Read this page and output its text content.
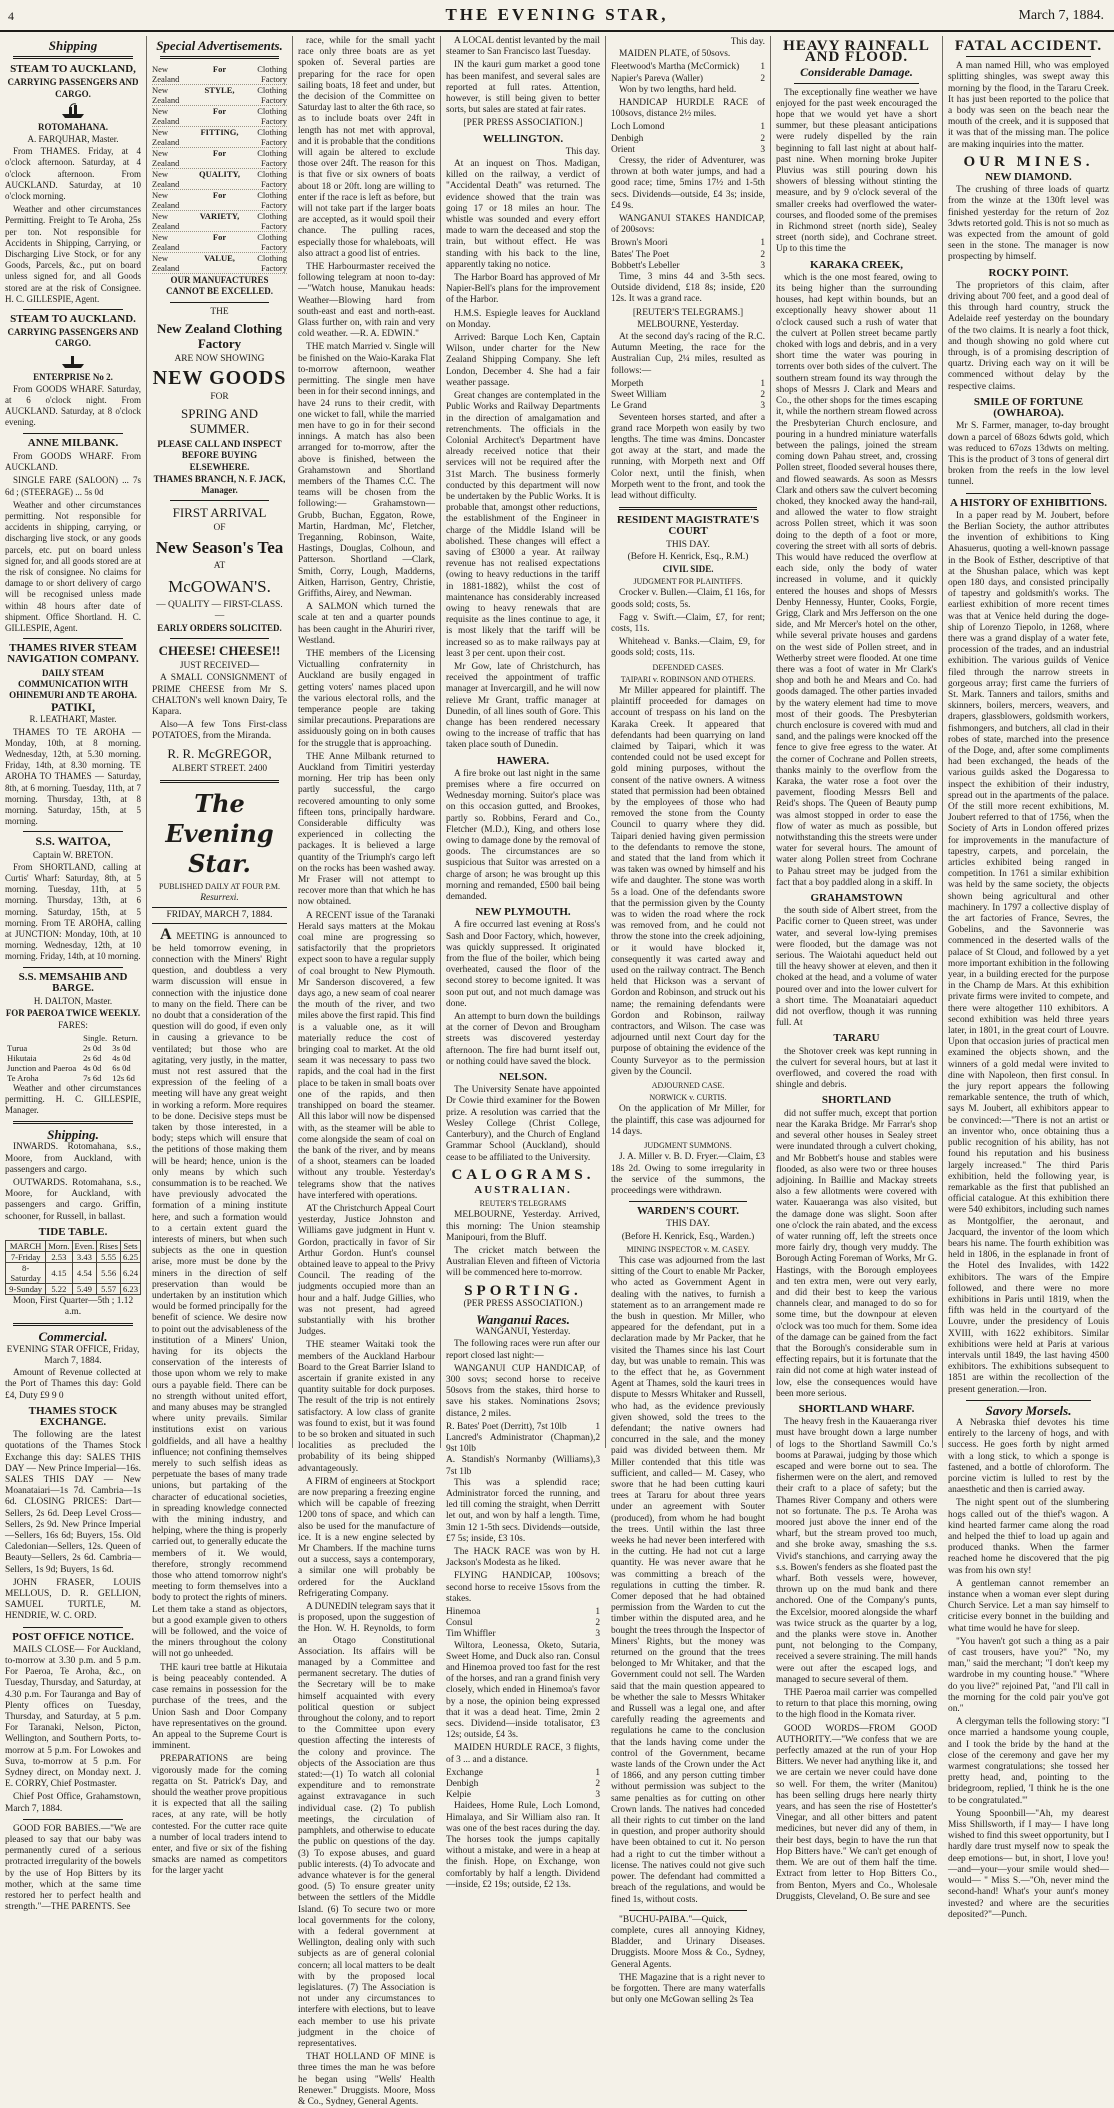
4	THE EVENING STAR,	March 7, 1884.
Shipping
STEAM TO AUCKLAND,
CARRYING PASSENGERS AND CARGO.
ROTOMAHANA.
A. FARQUHAR, Master.

From THAMES. Friday, at 4 o'clock afternoon. Saturday, at 4 o'clock afternoon. From AUCKLAND. Saturday, at 10 o'clock morning.

Weather and other circumstances Permitting. Freight to Te Aroha, 25s per ton. Not responsible for Accidents in Shipping, Carrying, or Discharging Live Stock, or for any Goods, Parcels, &c., put on board unless signed for, and all Goods stored are at the risk of Consignee. H. C. GILLESPIE, Agent.

STEAM TO AUCKLAND.
CARRYING PASSENGERS AND CARGO.
ENTERPRISE No 2.

From GOODS WHARF. Saturday, at 6 o'clock night. From AUCKLAND. Saturday, at 8 o'clock evening.

ANNE MILBANK.

From GOODS WHARF. From AUCKLAND.

SINGLE FARE (SALOON) ... 7s 6d ; (STEERAGE) ... 5s 0d

Weather and other circumstances permitting. Not responsible for accidents in shipping, carrying, or discharging live stock, or any goods parcels, etc. put on board unless signed for, and all goods stored are at the risk of consignee. No claims for damage to or short delivery of cargo will be recognised unless made within 48 hours after date of shipment. Office Shortland. H. C. GILLESPIE, Agent.

THAMES RIVER STEAM NAVIGATION COMPANY.
DAILY STEAM COMMUNICATION WITH OHINEMURI AND TE AROHA.
PATIKI,
R. LEATHART, Master.

THAMES TO TE AROHA — Monday, 10th, at 8 morning. Wednesday, 12th, at 5.30 morning. Friday, 14th, at 8.30 morning. TE AROHA TO THAMES — Saturday, 8th, at 6 morning. Tuesday, 11th, at 7 morning. Thursday, 13th, at 8 morning. Saturday, 15th, at 5 morning.

S.S. WAITOA,
Captain W. BRETON.

From SHORTLAND, calling at Curtis' Wharf: Saturday, 8th, at 5 morning. Tuesday, 11th, at 5 morning. Thursday, 13th, at 6 morning. Saturday, 15th, at 5 morning. From TE AROHA, calling at JUNCTION: Monday, 10th, at 10 morning. Wednesday, 12th, at 10 morning. Friday, 14th, at 10 morning.

S.S. MEMSAHIB AND BARGE.
H. DALTON, Master.
FOR PAEROA TWICE WEEKLY.
FARES:
	Single.	Return.
Turua	2s 0d	3s 0d
Hikutaia	2s 6d	4s 0d
Junction and Paeroa	4s 0d	6s 0d
Te Aroha	7s 6d	12s 6d

Weather and other circumstances permitting. H. C. GILLESPIE, Manager.

Shipping.

INWARDS. Rotomahana, s.s., Moore, from Auckland, with passengers and cargo.

OUTWARDS. Rotomahana, s.s., Moore, for Auckland, with passengers and cargo. Griffin, schooner, for Russell, in ballast.

TIDE TABLE.
MARCH	Morn.	Even.	Rises	Sets
7-Friday	2.53	3.43	5.55	6.25
8-Saturday	4.15	4.54	5.56	6.24
9-Sunday	5.22	5.49	5.57	6.23
Moon, First Quarter—5th ; 1.12 a.m.
Commercial.
EVENING STAR OFFICE, Friday, March 7, 1884.

Amount of Revenue collected at the Port of Thames this day: Gold £4, Duty £9 9 0

THAMES STOCK EXCHANGE.

The following are the latest quotations of the Thames Stock Exchange this day: SALES THIS DAY — New Prince Imperial—16s. SALES THIS DAY — New Moanataiari—1s 7d. Cambria—1s 6d. CLOSING PRICES: Dart—Sellers, 2s 6d. Deep Level Cross—Sellers, 2s 9d. New Prince Imperial—Sellers, 16s 6d; Buyers, 15s. Old Caledonian—Sellers, 12s. Queen of Beauty—Sellers, 2s 6d. Cambria—Sellers, 1s 9d; Buyers, 1s 6d.

JOHN FRASER, LOUIS MELLOUS, D. R. GELLION, SAMUEL TURTLE, M. HENDRIE, W. C. ORD.

POST OFFICE NOTICE.

MAILS CLOSE— For Auckland, to-morrow at 3.30 p.m. and 5 p.m. For Paeroa, Te Aroha, &c., on Tuesday, Thursday, and Saturday, at 4.30 p.m. For Tauranga and Bay of Plenty offices on Tuesday, Thursday, and Saturday, at 5 p.m. For Taranaki, Nelson, Picton, Wellington, and Southern Ports, to-morrow at 5 p.m. For Lowokes and Suva, to-morrow at 5 p.m. For Sydney direct, on Monday next. J. E. CORRY, Chief Postmaster.

Chief Post Office, Grahamstown, March 7, 1884.

GOOD FOR BABIES.—"We are pleased to say that our baby was permanently cured of a serious protracted irregularity of the bowels by the use of Hop Bitters by its mother, which at the same time restored her to perfect health and strength."—THE PARENTS. See

Special Advertisements.
New Zealand
For	Clothing Factory
New Zealand
STYLE,	Clothing Factory
New Zealand
For	Clothing Factory
New Zealand
FITTING,	Clothing Factory
New Zealand
For	Clothing Factory
New Zealand
QUALITY,	Clothing Factory
New Zealand
For	Clothing Factory
New Zealand
VARIETY,	Clothing Factory
New Zealand
For	Clothing Factory
New Zealand
VALUE,	Clothing Factory
OUR MANUFACTURES CANNOT BE EXCELLED.
THE
New Zealand Clothing Factory
ARE NOW SHOWING
NEW GOODS
FOR
SPRING AND SUMMER.
PLEASE CALL AND INSPECT BEFORE BUYING ELSEWHERE.
THAMES BRANCH, N. F. JACK, Manager.
FIRST ARRIVAL
OF
New Season's Tea
AT
McGOWAN'S.
— QUALITY — FIRST-CLASS. —
EARLY ORDERS SOLICITED.
CHEESE! CHEESE!!
JUST RECEIVED—

A SMALL CONSIGNMENT of PRIME CHEESE from Mr S. CHALTON's well known Dairy, Te Kapara.

Also—A few Tons First-class POTATOES, from the Miranda.

R. R. McGREGOR,
ALBERT STREET. 2400
The Evening Star.
PUBLISHED DAILY AT FOUR P.M.
Resurrexi.
FRIDAY, MARCH 7, 1884.

A MEETING is announced to be held tomorrow evening, in connection with the Miners' Right question, and doubtless a very warm discussion will ensue in connection with the injustice done to many on the field. There can be no doubt that a consideration of the question will do good, if even only in causing a grievance to be ventilated; but those who are agitating, very justly, in the matter, must not rest assured that the expression of the feeling of a meeting will have any great weight in working a reform. More requires to be done. Decisive steps must be taken by those interested, in a body; steps which will ensure that the petitions of those making them will be heard; hence, union is the only means by which such consummation is to be reached. We have previously advocated the formation of a mining institute here, and such a formation would to a certain extent guard the interests of miners, but when such subjects as the one in question arise, more must be done by the miners in the direction of self preservation than would be undertaken by an institution which would be formed principally for the benefit of science. We desire now to point out the advisableness of the institution of a Miners' Union, having for its objects the conservation of the interests of those upon whom we rely to make ours a payable field. There can be no strength without united effort, and many abuses may be strangled where unity prevails. Similar institutions exist on various goldfields, and all have a healthy influence; not confining themselves merely to such selfish ideas as perpetuate the bases of many trade unions, but partaking of the character of educational societies, in spreading knowledge connected with the mining industry, and helping, where the thing is properly carried out, to generally educate the members of it. We would, therefore, strongly recommend those who attend tomorrow night's meeting to form themselves into a body to protect the rights of miners. Let them take a stand as objectors, but a good example given to others will be followed, and the voice of the miners throughout the colony will not go unheeded.

THE kauri tree battle at Hikutaia is being peaceably contended. A case remains in possession for the purchase of the trees, and the Union Sash and Door Company have representatives on the ground. An appeal to the Supreme Court is imminent.

PREPARATIONS are being vigorously made for the coming regatta on St. Patrick's Day, and should the weather prove propitious it is expected that all the sailing races, at any rate, will be hotly contested. For the cutter race quite a number of local traders intend to enter, and five or six of the fishing smacks are named as competitors for the larger yacht

race, while for the small yacht race only three boats are as yet spoken of. Several parties are preparing for the race for open sailing boats, 18 feet and under, but the decision of the Committee on Saturday last to alter the 6th race, so as to include boats over 24ft in length has not met with approval, and it is probable that the conditions will again be altered to exclude those over 24ft. The reason for this is that five or six owners of boats about 18 or 20ft. long are willing to enter if the race is left as before, but will not take part if the larger boats are accepted, as it would spoil their chance. The pulling races, especially those for whaleboats, will also attract a good list of entries.

THE Harbourmaster received the following telegram at noon to-day:—"Watch house, Manukau heads: Weather—Blowing hard from south-east and east and north-east. Glass further on, with rain and very cold weather. —R. A. EDWIN."

THE match Married v. Single will be finished on the Waio-Karaka Flat to-morrow afternoon, weather permitting. The single men have been in for their second innings, and have 24 runs to their credit, with one wicket to fall, while the married men have to go in for their second innings. A match has also been arranged for to-morrow, after the above is finished, between the Grahamstown and Shortland members of the Thames C.C. The teams will be chosen from the following:— Grahamstown—Grubb, Buchan, Eggaton, Rowe, Martin, Hardman, Mc', Fletcher, Treganning, Robinson, Waite, Hastings, Douglas, Colhoun, and Patterson. Shortland —Clark, Smith, Corry, Lough, Madderns, Aitken, Harrison, Gentry, Christie, Griffiths, Airey, and Newman.

A SALMON which turned the scale at ten and a quarter pounds has been caught in the Ahuriri river, Westland.

THE members of the Licensing Victualling confraternity in Auckland are busily engaged in getting voters' names placed upon the various electoral rolls, and the temperance people are taking similar precautions. Preparations are assiduously going on in both causes for the struggle that is approaching.

THE Anne Milbank returned to Auckland from Timitiri yesterday morning. Her trip has been only partly successful, the cargo recovered amounting to only some fifteen tons, principally hardware. Considerable difficulty was experienced in collecting the packages. It is believed a large quantity of the Triumph's cargo left on the rocks has been washed away. Mr Fraser will not attempt to recover more than that which he has now obtained.

A RECENT issue of the Taranaki Herald says matters at the Mokau coal mine are progressing so satisfactorily that the proprietors expect soon to have a regular supply of coal brought to New Plymouth. Mr Sanderson discovered, a few days ago, a new seam of coal nearer the mouth of the river, and two miles above the first rapid. This find is a valuable one, as it will materially reduce the cost of bringing coal to market. At the old seam it was necessary to pass two rapids, and the coal had in the first place to be taken in small boats over one of the rapids, and then transhipped on board the steamer. All this labor will now be dispensed with, as the steamer will be able to come alongside the seam of coal on the bank of the river, and by means of a shoot, steamers can be loaded without any trouble. Yesterday's telegrams show that the natives have interfered with operations.

AT the Christchurch Appeal Court yesterday, Justice Johnston and Williams gave judgment in Hunt v. Gordon, practically in favor of Sir Arthur Gordon. Hunt's counsel obtained leave to appeal to the Privy Council. The reading of the judgments occupied more than an hour and a half. Judge Gillies, who was not present, had agreed substantially with his brother Judges.

THE steamer Waitaki took the members of the Auckland Harbour Board to the Great Barrier Island to ascertain if granite existed in any quantity suitable for dock purposes. The result of the trip is not entirely satisfactory. A low class of granite was found to exist, but it was found to be so broken and situated in such localities as precluded the probability of its being shipped advantageously.

A FIRM of engineers at Stockport are now preparing a freezing engine which will be capable of freezing 1200 tons of space, and which can also be used for the manufacture of ice. It is a new engine selected by Mr Chambers. If the machine turns out a success, says a contemporary, a similar one will probably be ordered for the Auckland Refrigerating Company.

A DUNEDIN telegram says that it is proposed, upon the suggestion of the Hon. W. H. Reynolds, to form an Otago Constitutional Association. Its affairs will be managed by a Committee and permanent secretary. The duties of the Secretary will be to make himself acquainted with every political question or subject throughout the colony, and to report to the Committee upon every question affecting the interests of the colony and province. The objects of the Association are thus stated:—(1) To watch all colonial expenditure and to remonstrate against extravagance in such individual case. (2) To publish meetings, the circulation of pamphlets, and otherwise to educate the public on questions of the day. (3) To expose abuses, and guard public interests. (4) To advocate and advance whatever is for the general good. (5) To ensure greater unity between the settlers of the Middle Island. (6) To secure two or more local governments for the colony, with a federal government at Wellington, dealing only with such subjects as are of general colonial concern; all local matters to be dealt with by the proposed local legislatures. (7) The Association is not under any circumstances to interfere with elections, but to leave each member to use his private judgment in the choice of representatives.

THAT HOLLAND OF MINE is three times the man he was before he began using "Wells' Health Renewer." Druggists. Moore, Moss & Co., Sydney, General Agents.

A LOCAL dentist levanted by the mail steamer to San Francisco last Tuesday.

IN the kauri gum market a good tone has been manifest, and several sales are reported at full rates. Attention, however, is still being given to better sorts, but sales are stated at fair rates.

[PER PRESS ASSOCIATION.]
WELLINGTON.
This day.

At an inquest on Thos. Madigan, killed on the railway, a verdict of "Accidental Death" was returned. The evidence showed that the train was going 17 or 18 miles an hour. The whistle was sounded and every effort made to warn the deceased and stop the train, but without effect. He was standing with his back to the line, apparently taking no notice.

The Harbor Board has approved of Mr Napier-Bell's plans for the improvement of the Harbor.

H.M.S. Espiegle leaves for Auckland on Monday.

Arrived: Barque Loch Ken, Captain Wilson, under charter for the New Zealand Shipping Company. She left London, December 4. She had a fair weather passage.

Great changes are contemplated in the Public Works and Railway Departments in the direction of amalgamation and retrenchments. The officials in the Colonial Architect's Department have already received notice that their services will not be required after the 31st March. The business formerly conducted by this department will now be undertaken by the Public Works. It is probable that, amongst other reductions, the establishment of the Engineer in charge of the Middle Island will be abolished. These changes will effect a saving of £3000 a year. At railway revenue has not realised expectations (owing to heavy reductions in the tariff in 1881-1882), whilst the cost of maintenance has considerably increased owing to heavy renewals that are requisite as the lines continue to age, it is most likely that the tariff will be increased so as to make railways pay at least 3 per cent. upon their cost.

Mr Gow, late of Christchurch, has received the appointment of traffic manager at Invercargill, and he will now relieve Mr Grant, traffic manager at Dunedin, of all lines south of Gore. This change has been rendered necessary owing to the increase of traffic that has taken place south of Dunedin.

HAWERA.

A fire broke out last night in the same premises where a fire occurred on Wednesday morning. Suitor's place was on this occasion gutted, and Brookes, partly so. Robbins, Ferard and Co., Fletcher (M.D.), King, and others lose owing to damage done by the removal of goods. The circumstances are so suspicious that Suitor was arrested on a charge of arson; he was brought up this morning and remanded, £500 bail being demanded.

NEW PLYMOUTH.

A fire occurred last evening at Ross's Sash and Door Factory, which, however, was quickly suppressed. It originated from the flue of the boiler, which being overheated, caused the floor of the second storey to become ignited. It was soon put out, and not much damage was done.

An attempt to burn down the buildings at the corner of Devon and Brougham streets was discovered yesterday afternoon. The fire had burnt itself out, or nothing could have saved the block.

NELSON.

The University Senate have appointed Dr Cowie third examiner for the Bowen prize. A resolution was carried that the Wesley College (Christ College, Canterbury), and the Church of England Grammar School (Auckland), should cease to be affiliated to the University.

CALOGRAMS.
AUSTRALIAN.
REUTER'S TELEGRAMS

MELBOURNE, Yesterday. Arrived, this morning: The Union steamship Manipouri, from the Bluff.

The cricket match between the Australian Eleven and fifteen of Victoria will be commenced here to-morrow.

SPORTING.
(PER PRESS ASSOCIATION.)
Wanganui Races.
WANGANUI, Yesterday.

The following races were run after our report closed last night:—

WANGANUI CUP HANDICAP, of 300 sovs; second horse to receive 50sovs from the stakes, third horse to save his stakes. Nominations 2sovs; distance, 2 miles.

R. Bates' Poet (Derritt), 7st 10lb	1
Lancred's Administrator (Chapman), 9st 10lb
2
A. Standish's Normanby (Williams), 7st 1lb
3

This was a splendid race; Administrator forced the running, and led till coming the straight, when Derritt let out, and won by half a length. Time, 3min 12 1-5th secs. Dividends—outside, £7 5s; inside, £3 10s.

The HACK RACE was won by H. Jackson's Modesta as he liked.

FLYING HANDICAP, 100sovs; second horse to receive 15sovs from the stakes.

Hinemoa	1
Consul	2
Tim Whiffler	3

Wiltora, Leonessa, Oketo, Sutaria, Sweet Home, and Duck also ran. Consul and Hinemoa proved too fast for the rest of the horses, and ran a grand finish very closely, which ended in Hinemoa's favor by a nose, the opinion being expressed that it was a dead heat. Time, 2min 2 secs. Dividend—inside totalisator, £3 12s; outside, £4 3s.

MAIDEN HURDLE RACE, 3 flights, of 3 ... and a distance.

Exchange	1
Denbigh	2
Kelpie	3

Haidees, Home Rule, Loch Lomond, Himalaya, and Sir William also ran. It was one of the best races during the day. The horses took the jumps capitally without a mistake, and were in a heap at the finish. Hope, on Exchange, won comfortably by half a length. Dividend—inside, £2 19s; outside, £2 13s.

This day.

MAIDEN PLATE, of 50sovs.

Fleetwood's Martha (McCormick) 1
Napier's Pareva (Waller)	2

Won by two lengths, hard held.

HANDICAP HURDLE RACE of 100sovs, distance 2½ miles.

Loch Lomond	1
Denbigh	2
Orient	3

Cressy, the rider of Adventurer, was thrown at both water jumps, and had a good race; time, 5mins 17½ and 1-5th secs. Dividends—outside, £4 3s; inside, £4 9s.

WANGANUI STAKES HANDICAP, of 200sovs:

Brown's Moori	1
Bates' The Poet	2
Bobbett's Lebeller	3

Time, 3 mins 44 and 3-5th secs. Outside dividend, £18 8s; inside, £20 12s. It was a grand race.

[REUTER'S TELEGRAMS.]
MELBOURNE, Yesterday.

At the second day's racing of the R.C. Autumn Meeting, the race for the Australian Cup, 2¼ miles, resulted as follows:—

Morpeth	1
Sweet William	2
Le Grand	3

Seventeen horses started, and after a grand race Morpeth won easily by two lengths. The time was 4mins. Doncaster got away at the start, and made the running, with Morpeth next and Off Color next, until the finish, when Morpeth went to the front, and took the lead without difficulty.

RESIDENT MAGISTRATE'S COURT
THIS DAY.
(Before H. Kenrick, Esq., R.M.)
CIVIL SIDE.
JUDGMENT FOR PLAINTIFFS.

Crocker v. Bullen.—Claim, £1 16s, for goods sold; costs, 5s.

Fagg v. Swift.—Claim, £7, for rent; costs, 11s.

Whitehead v. Banks.—Claim, £9, for goods sold; costs, 11s.

DEFENDED CASES.
TAIPARI v. ROBINSON AND OTHERS.

Mr Miller appeared for plaintiff. The plaintiff proceeded for damages on account of trespass on his land on the Karaka Creek. It appeared that defendants had been quarrying on land claimed by Taipari, which it was contended could not be used except for gold mining purposes, without the consent of the native owners. A witness stated that permission had been obtained by the employees of those who had removed the stone from the County Council to quarry where they did. Taipari denied having given permission to the defendants to remove the stone, and stated that the land from which it was taken was owned by himself and his wife and daughter. The stone was worth 5s a load. One of the defendants swore that the permission given by the County was to widen the road where the rock was removed from, and he could not throw the stone into the creek adjoining, or it would have blocked it, consequently it was carted away and used on the railway contract. The Bench held that Hickson was a servant of Gordon and Robinson, and struck out his name; the remaining defendants were Gordon and Robinson, railway contractors, and Wilson. The case was adjourned until next Court day for the purpose of obtaining the evidence of the County Surveyor as to the permission given by the Council.

ADJOURNED CASE.
NORWICK v. CURTIS.

On the application of Mr Miller, for the plaintiff, this case was adjourned for 14 days.

JUDGMENT SUMMONS.

J. A. Miller v. B. D. Fryer.—Claim, £3 18s 2d. Owing to some irregularity in the service of the summons, the proceedings were withdrawn.

WARDEN'S COURT.
THIS DAY.
(Before H. Kenrick, Esq., Warden.)
MINING INSPECTOR v. M. CASEY.

This case was adjourned from the last sitting of the Court to enable Mr Packer, who acted as Government Agent in dealing with the natives, to furnish a statement as to an arrangement made re the bush in question. Mr Miller, who appeared for the defendant, put in a declaration made by Mr Packer, that he visited the Thames since his last Court day, but was unable to remain. This was to the effect that he, as Government Agent at Thames, sold the kauri trees in dispute to Messrs Whitaker and Russell, who had, as the evidence previously given showed, sold the trees to the defendant; the native owners had concurred in the sale, and the money paid was divided between them. Mr Miller contended that this title was sufficient, and called— M. Casey, who swore that he had been cutting kauri trees at Tararu for about three years under an agreement with Souter (produced), from whom he had bought the trees. Until within the last three weeks he had never been interfered with in the cutting. He had not cut a large quantity. He was never aware that he was committing a breach of the regulations in cutting the timber. R. Comer deposed that he had obtained permission from the Warden to cut the timber within the disputed area, and he bought the trees through the Inspector of Miners' Rights, but the money was returned on the ground that the trees belonged to Mr Whitaker, and that the Government could not sell. The Warden said that the main question appeared to be whether the sale to Messrs Whitaker and Russell was a legal one, and after carefully reading the agreements and regulations he came to the conclusion that the lands having come under the control of the Government, became waste lands of the Crown under the Act of 1866, and any person cutting timber without permission was subject to the same penalties as for cutting on other Crown lands. The natives had conceded all their rights to cut timber on the land in question, and proper authority should have been obtained to cut it. No person had a right to cut the timber without a license. The natives could not give such power. The defendant had committed a breach of the regulations, and would be fined 1s, without costs.

"BUCHU-PAIBA."—Quick, complete, cures all annoying Kidney, Bladder, and Urinary Diseases. Druggists. Moore Moss & Co., Sydney, General Agents.

THE Magazine that is a right never to be forgotten. There are many waterfalls but only one McGowan selling 2s Tea

HEAVY RAINFALL AND FLOOD.
Considerable Damage.

The exceptionally fine weather we have enjoyed for the past week encouraged the hope that we would yet have a short summer, but these pleasant anticipations were rudely dispelled by the rain beginning to fall last night at about half-past nine. When morning broke Jupiter Pluvius was still pouring down his showers of blessing without stinting the measure, and by 9 o'clock several of the smaller creeks had overflowed the water-courses, and flooded some of the premises in Richmond street (north side), Sealey street (north side), and Cochrane street. Up to this time the

KARAKA CREEK,

which is the one most feared, owing to its being higher than the surrounding houses, had kept within bounds, but an exceptionally heavy shower about 11 o'clock caused such a rush of water that the culvert at Pollen street became partly choked with logs and debris, and in a very short time the water was pouring in torrents over both sides of the culvert. The southern stream found its way through the shops of Messrs J. Clark and Mears and Co., the other shops for the times escaping it, while the northern stream flowed across the Presbyterian Church enclosure, and pouring in a hundred miniature waterfalls between the palings, joined the stream coming down Pahau street, and, crossing Pollen street, flooded several houses there, and flowed seawards. As soon as Messrs Clark and others saw the culvert becoming choked, they knocked away the hand-rail, and allowed the water to flow straight across Pollen street, which it was soon doing to the depth of a foot or more, covering the street with all sorts of debris. This would have reduced the overflow at each side, only the body of water increased in volume, and it quickly entered the houses and shops of Messrs Denby Hennessy, Hunter, Cooks, Forgie, Grigg, Clark and Mrs Jefferson on the one side, and Mr Mercer's hotel on the other, while several private houses and gardens on the west side of Pollen street, and in Wetherby street were flooded. At one time there was a foot of water in Mr Clark's shop and both he and Mears and Co. had goods damaged. The other parties invaded by the watery element had time to move most of their goods. The Presbyterian church enclosure is covered with mud and sand, and the palings were knocked off the fence to give free egress to the water. At the corner of Cochrane and Pollen streets, thanks mainly to the overflow from the Karaka, the water rose a foot over the pavement, flooding Messrs Bell and Reid's shops. The Queen of Beauty pump was almost stopped in order to ease the flow of water as much as possible, but notwithstanding this the streets were under water for several hours. The amount of water along Pollen street from Cochrane to Pahau street may be judged from the fact that a boy paddled along in a skiff. In

GRAHAMSTOWN

the south side of Albert street, from the Pacific corner to Queen street, was under water, and several low-lying premises were flooded, but the damage was not serious. The Waiotahi aqueduct held out till the heavy shower at eleven, and then it choked at the head, and a volume of water poured over and into the lower culvert for a short time. The Moanataiari aqueduct did not overflow, though it was running full. At

TARARU

the Shotover creek was kept running in the culvert for several hours, but at last it overflowed, and covered the road with shingle and debris.

SHORTLAND

did not suffer much, except that portion near the Karaka Bridge. Mr Farrar's shop and several other houses in Sealey street were inundated through a culvert choking, and Mr Bobbett's house and stables were flooded, as also were two or three houses adjoining. In Baillie and Mackay streets also a few allotments were covered with water. Kauaeranga was also visited, but the damage done was slight. Soon after one o'clock the rain abated, and the excess of water running off, left the streets once more fairly dry, though very muddy. The Borough Acting Foreman of Works, Mr G. Hastings, with the Borough employees and ten extra men, were out very early, and did their best to keep the various channels clear, and managed to do so for some time, but the downpour at eleven o'clock was too much for them. Some idea of the damage can be gained from the fact that the Borough's considerable sum in effecting repairs, but it is fortunate that the rain did not come at high water instead of low, else the consequences would have been more serious.

SHORTLAND WHARF.

The heavy fresh in the Kauaeranga river must have brought down a large number of logs to the Shortland Sawmill Co.'s booms at Parawai, judging by those which escaped and were borne out to sea. The fishermen were on the alert, and removed their craft to a place of safety; but the Thames River Company and others were not so fortunate. The p.s. Te Aroha was moored just above the inner end of the wharf, but the stream proved too much, and she broke away, smashing the s.s. Vivid's stanchions, and carrying away the s.s. Bowen's fenders as she floated past the wharf. Both vessels were, however, thrown up on the mud bank and there anchored. One of the Company's punts, the Excelsior, moored alongside the wharf was twice struck as the quarter by a log, and the planks were stove in. Another punt, not belonging to the Company, received a severe straining. The mill hands were out after the escaped logs, and managed to secure several of them.

THE Paeroa mail carrier was compelled to return to that place this morning, owing to the high flood in the Komata river.

GOOD WORDS—FROM GOOD AUTHORITY.—"We confess that we are perfectly amazed at the run of your Hop Bitters. We never had anything like it, and we are certain we never could have done so well. For them, the writer (Manitou) has been selling drugs here nearly thirty years, and has seen the rise of Hostetter's Vinegar, and all other bitters and patent medicines, but never did any of them, in their best days, begin to have the run that Hop Bitters have." We can't get enough of them. We are out of them half the time. Extract from letter to Hop Bitters Co., from Benton, Myers and Co., Wholesale Druggists, Cleveland, O. Be sure and see

FATAL ACCIDENT.

A man named Hill, who was employed splitting shingles, was swept away this morning by the flood, in the Tararu Creek. It has just been reported to the police that a body was seen on the beach near the mouth of the creek, and it is supposed that it was that of the missing man. The police are making inquiries into the matter.

OUR MINES.
NEW DIAMOND.

The crushing of three loads of quartz from the winze at the 130ft level was finished yesterday for the return of 2oz 3dwts retorted gold. This is not so much as was expected from the amount of gold seen in the stone. The manager is now prospecting by himself.

ROCKY POINT.

The proprietors of this claim, after driving about 700 feet, and a good deal of this through hard country, struck the Adelaide reef yesterday on the boundary of the two claims. It is nearly a foot thick, and though showing no gold where cut through, is of a promising description of quartz. Driving each way on it will be commenced without delay by the respective claims.

SMILE OF FORTUNE (OWHAROA).

Mr S. Farmer, manager, to-day brought down a parcel of 68ozs 6dwts gold, which was reduced to 67ozs 13dwts on melting. This is the product of 3 tons of general dirt broken from the reefs in the low level tunnel.

A HISTORY OF EXHIBITIONS.

In a paper read by M. Joubert, before the Berlian Society, the author attributes the invention of exhibitions to King Ahasuerus, quoting a well-known passage in the Book of Esther, descriptive of that at the Shushan palace, which was kept open 180 days, and consisted principally of tapestry and goldsmith's works. The earliest exhibition of more recent times was that at Venice held during the doge-ship of Lorenzo Tiepolo, in 1268, where there was a grand display of a water fete, procession of the trades, and an industrial exhibition. The various guilds of Venice filed through the narrow streets in gorgeous array; first came the furriers of St. Mark. Tanners and tailors, smiths and skinners, boilers, mercers, weavers, and drapers, glassblowers, goldsmith workers, fishmongers, and butchers, all clad in their robes of state, marched into the presence of the Doge, and, after some compliments had been exchanged, the heads of the various guilds asked the Dogaressa to inspect the exhibition of their industry, spread out in the apartments of the palace. Of the still more recent exhibitions, M. Joubert referred to that of 1756, when the Society of Arts in London offered prizes for improvements in the manufacture of tapestry, carpets, and porcelain, the articles exhibited being ranged in competition. In 1761 a similar exhibition was held by the same society, the objects shown being agricultural and other machinery. In 1797 a collective display of the art factories of France, Sevres, the Gobelins, and the Savonnerie was commenced in the deserted walls of the palace of St Cloud, and followed by a yet more important exhibition in the following year, in a building erected for the purpose in the Champ de Mars. At this exhibition private firms were invited to compete, and there were altogether 110 exhibitors. A second exhibition was held three years later, in 1801, in the great court of Louvre. Upon that occasion juries of practical men examined the objects shown, and the winners of a gold medal were invited to dine with Napoleon, then first consul. In the jury report appears the following remarkable sentence, the truth of which, says M. Joubert, all exhibitors appear to be convinced:—"There is not an artist or an inventor who, once obtaining thus a public recognition of his ability, has not found his reputation and his business largely increased." The third Paris exhibition, held the following year, is remarkable as the first that published an official catalogue. At this exhibition there were 540 exhibitors, including such names as Montgolfier, the aeronaut, and Jacquard, the inventor of the loom which bears his name. The fourth exhibition was held in 1806, in the esplanade in front of the Hotel des Invalides, with 1422 exhibitors. The wars of the Empire followed, and there were no more exhibitions in Paris until 1819, when the fifth was held in the courtyard of the Louvre, under the presidency of Louis XVIII, with 1622 exhibitors. Similar exhibitions were held at Paris at various intervals until 1849, the last having 4500 exhibitors. The exhibitions subsequent to 1851 are within the recollection of the present generation.—Iron.

Savory Morsels.

A Nebraska thief devotes his time entirely to the larceny of hogs, and with success. He goes forth by night armed with a long stick, to which a sponge is fastened, and a bottle of chloroform. The porcine victim is lulled to rest by the anaesthetic and then is carried away.

The night spent out of the slumbering hogs called out of the thief's wagon. A kind hearted farmer came along the road and helped the thief to load up again and produced thanks. When the farmer reached home he discovered that the pig was from his own sty!

A gentleman cannot remember an instance when a woman ever slept during Church Service. Let a man say himself to criticise every bonnet in the building and what time would he have for sleep.

"You haven't got such a thing as a pair of cast trousers, have you?" "No, my man," said the merchant; "I don't keep my wardrobe in my counting house." "Where do you live?" rejoined Pat, "and I'll call in the morning for the cold pair you've got on."

A clergyman tells the following story: "I once married a handsome young couple, and I took the bride by the hand at the close of the ceremony and gave her my warmest congratulations; she tossed her pretty head, and, pointing to the bridegroom, replied, 'I think he is the one to be congratulated.'"

Young Spoonbill—"Ah, my dearest Miss Shillsworth, if I may— I have long wished to find this sweet opportunity, but I hardly dare trust myself now to speak the deep emotions— but, in short, I love you!—and—your—your smile would shed—would— " Miss S.—"Oh, never mind the second-hand! What's your aunt's money invested? and where are the securities deposited?"—Punch.
